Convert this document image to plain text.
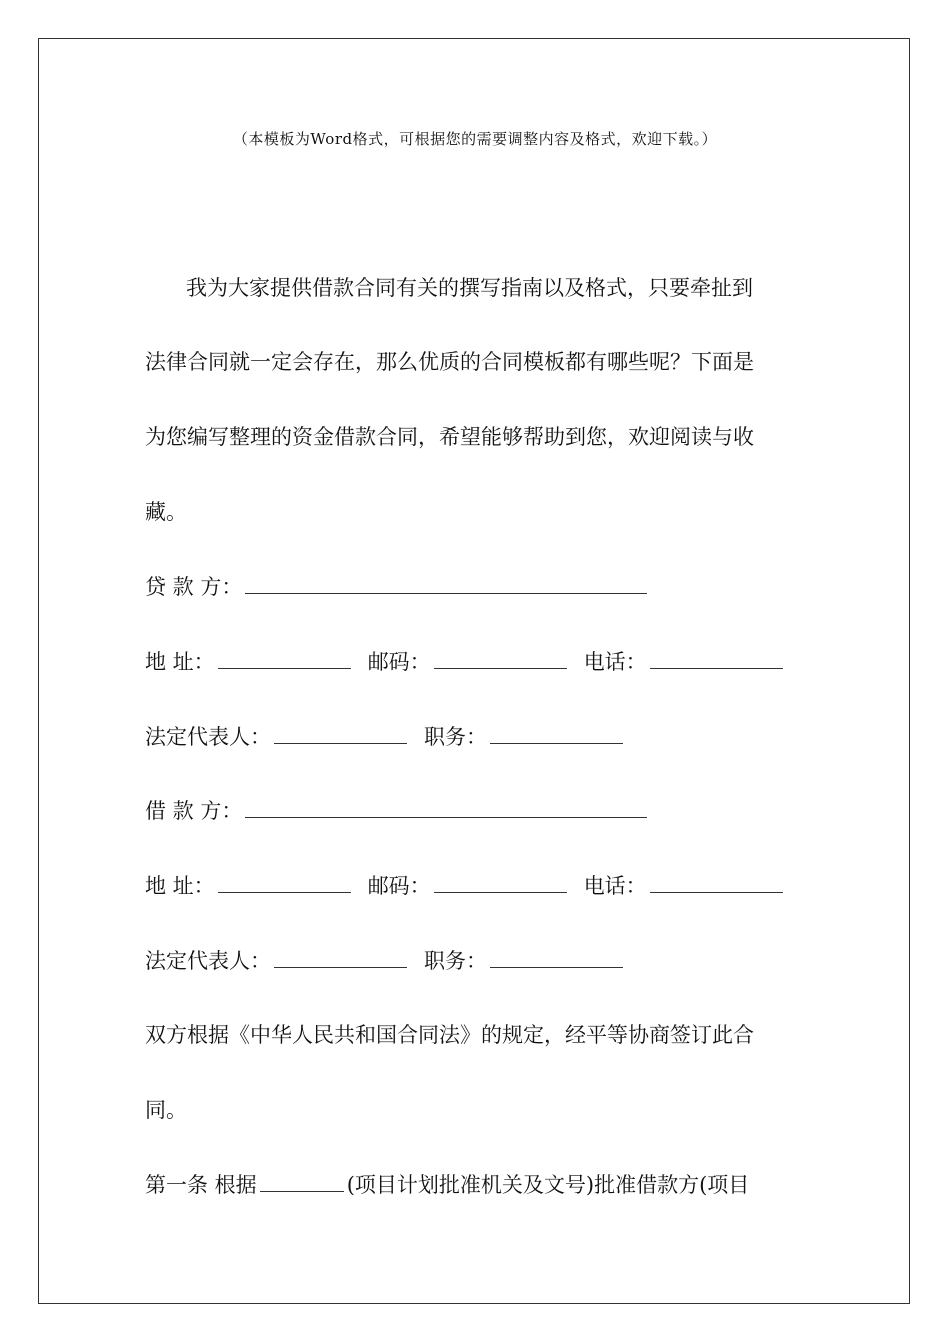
（本模板为Word格式，可根据您的需要调整内容及格式，欢迎下载。）
我为大家提供借款合同有关的撰写指南以及格式，只要牵扯到
法律合同就一定会存在，那么优质的合同模板都有哪些呢？下面是
为您编写整理的资金借款合同，希望能够帮助到您，欢迎阅读与收
藏。
贷 款 方：
地 址：	邮码：	电话：
法定代表人：	职务：
借 款 方：
地 址：	邮码：	电话：
法定代表人：	职务：
双方根据《中华人民共和国合同法》的规定，经平等协商签订此合
同。
第一条 根据	(项目计划批准机关及文号)批准借款方(项目
